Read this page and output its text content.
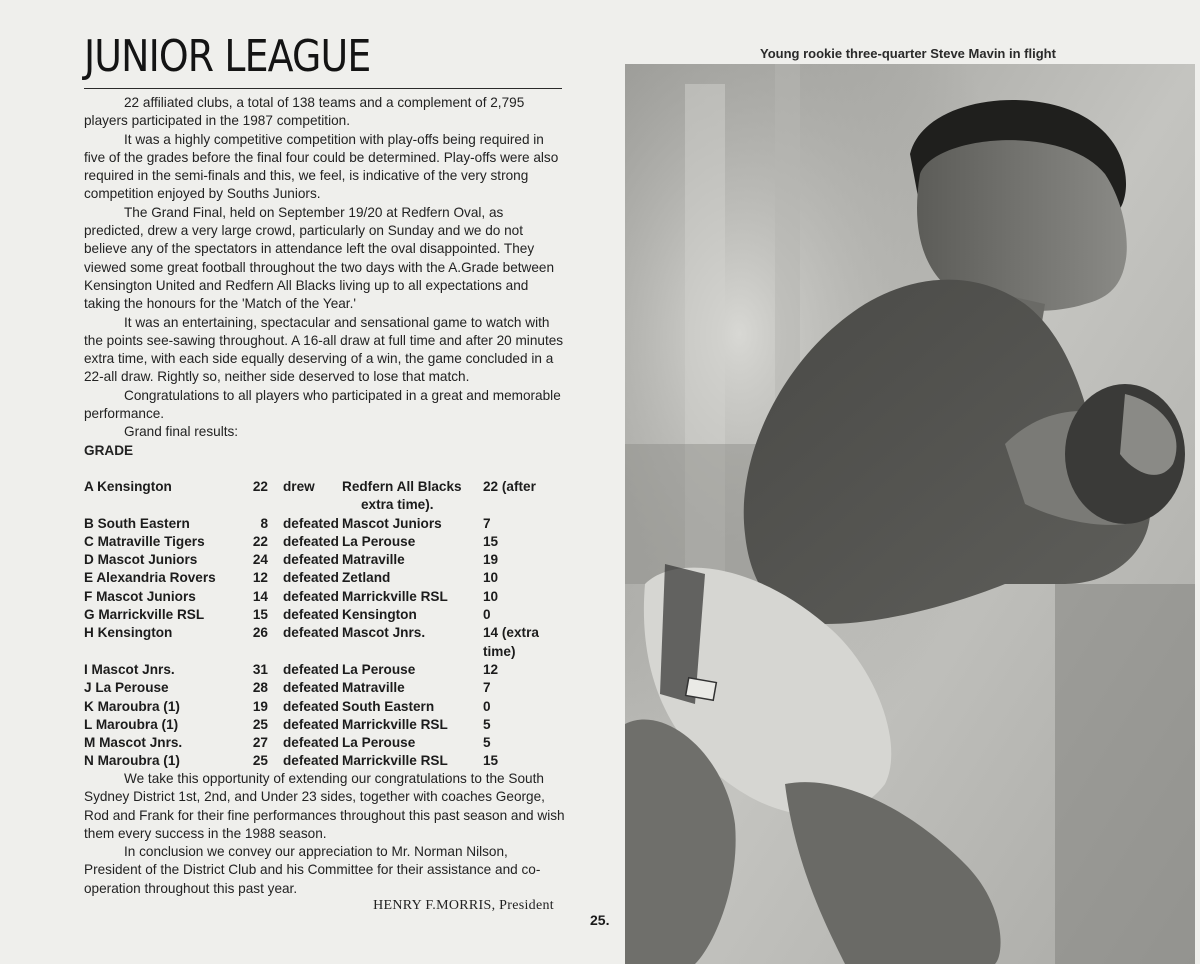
JUNIOR LEAGUE

22 affiliated clubs, a total of 138 teams and a complement of 2,795 players participated in the 1987 competition.

It was a highly competitive competition with play-offs being required in five of the grades before the final four could be determined. Play-offs were also required in the semi-finals and this, we feel, is indicative of the very strong competition enjoyed by Souths Juniors.

The Grand Final, held on September 19/20 at Redfern Oval, as predicted, drew a very large crowd, particularly on Sunday and we do not believe any of the spectators in attendance left the oval disappointed. They viewed some great football throughout the two days with the A.Grade between Kensington United and Redfern All Blacks living up to all expectations and taking the honours for the 'Match of the Year.'

It was an entertaining, spectacular and sensational game to watch with the points see-sawing throughout. A 16-all draw at full time and after 20 minutes extra time, with each side equally deserving of a win, the game concluded in a 22-all draw. Rightly so, neither side deserved to lose that match.

Congratulations to all players who participated in a great and memorable performance.

Grand final results:

GRADE

A Kensington	22 drew Redfern All Blacks 22 (after
extra time).
B South Eastern	8 defeated Mascot Juniors	7
C Matraville Tigers	22 defeated La Perouse	15
D Mascot Juniors	24 defeated Matraville	19
E Alexandria Rovers	12 defeated Zetland	10
F Mascot Juniors	14 defeated Marrickville RSL	10
G Marrickville RSL	15 defeated Kensington	0
H Kensington	26 defeated Mascot Jnrs.	14 (extra time)
I Mascot Jnrs.	31 defeated La Perouse	12
J La Perouse	28 defeated Matraville	7
K Maroubra (1)	19 defeated South Eastern	0
L Maroubra (1)	25 defeated Marrickville RSL	5
M Mascot Jnrs.	27 defeated La Perouse	5
N Maroubra (1)	25 defeated Marrickville RSL	15

We take this opportunity of extending our congratulations to the South Sydney District 1st, 2nd, and Under 23 sides, together with coaches George, Rod and Frank for their fine performances throughout this past season and wish them every success in the 1988 season.

In conclusion we convey our appreciation to Mr. Norman Nilson, President of the District Club and his Committee for their assistance and co-operation throughout this past year.

HENRY F.MORRIS, President
25.
Young rookie three-quarter Steve Mavin in flight
